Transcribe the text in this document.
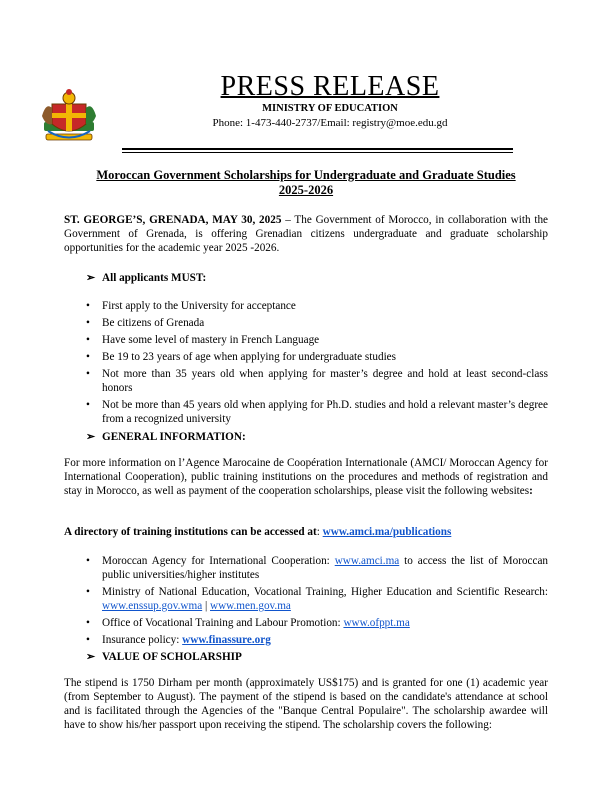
PRESS RELEASE
MINISTRY OF EDUCATION
Phone: 1-473-440-2737/Email: registry@moe.edu.gd
Moroccan Government Scholarships for Undergraduate and Graduate Studies
2025-2026
ST. GEORGE’S, GRENADA, MAY 30, 2025 – The Government of Morocco, in collaboration with the Government of Grenada, is offering Grenadian citizens undergraduate and graduate scholarship opportunities for the academic year 2025 -2026.
➢ All applicants MUST:
• First apply to the University for acceptance
• Be citizens of Grenada
• Have some level of mastery in French Language
• Be 19 to 23 years of age when applying for undergraduate studies
• Not more than 35 years old when applying for master’s degree and hold at least second-class honors
• Not be more than 45 years old when applying for Ph.D. studies and hold a relevant master’s degree from a recognized university
➢ GENERAL INFORMATION:
For more information on l’Agence Marocaine de Coopération Internationale (AMCI/ Moroccan Agency for International Cooperation), public training institutions on the procedures and methods of registration and stay in Morocco, as well as payment of the cooperation scholarships, please visit the following websites:
A directory of training institutions can be accessed at: www.amci.ma/publications
• Moroccan Agency for International Cooperation: www.amci.ma to access the list of Moroccan public universities/higher institutes
• Ministry of National Education, Vocational Training, Higher Education and Scientific Research: www.enssup.gov.wma | www.men.gov.ma
• Office of Vocational Training and Labour Promotion: www.ofppt.ma
• Insurance policy: www.finassure.org
➢ VALUE OF SCHOLARSHIP
The stipend is 1750 Dirham per month (approximately US$175) and is granted for one (1) academic year (from September to August). The payment of the stipend is based on the candidate's attendance at school and is facilitated through the Agencies of the "Banque Central Populaire". The scholarship awardee will have to show his/her passport upon receiving the stipend. The scholarship covers the following:
